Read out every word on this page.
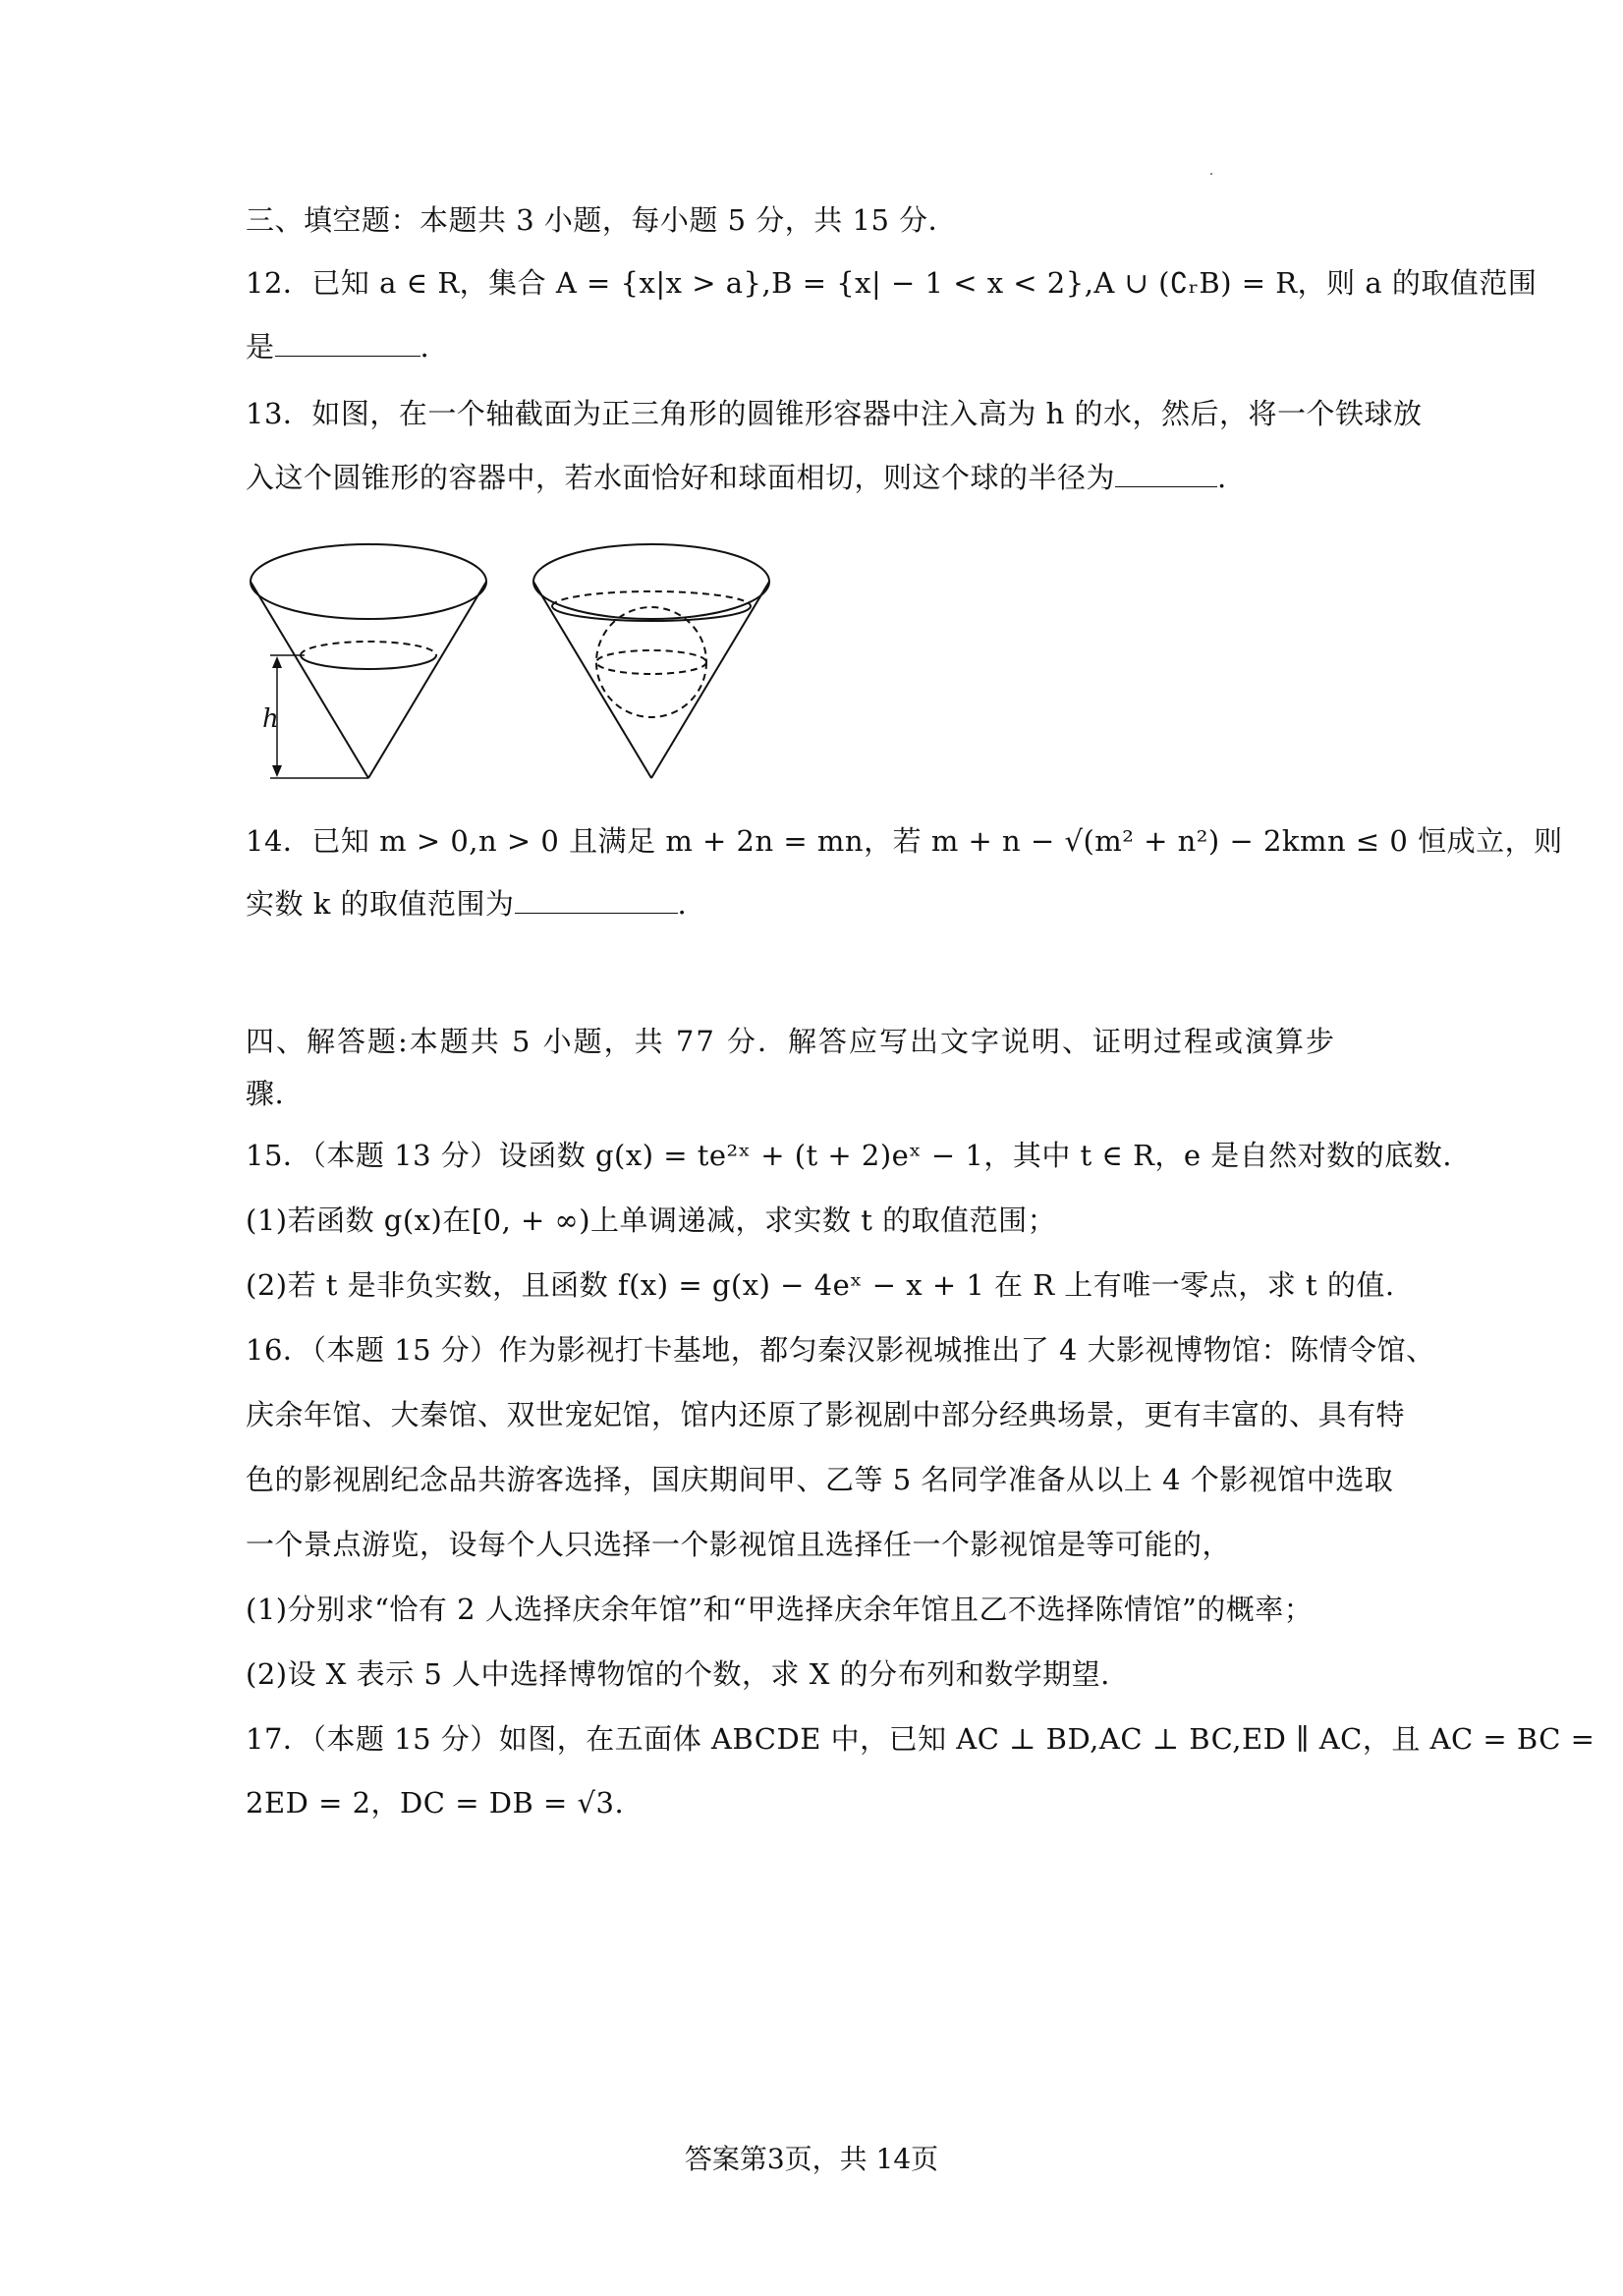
三、填空题：本题共 3 小题，每小题 5 分，共 15 分．
12．已知 a ∈ R，集合 A = {x|x > a},B = {x| − 1 < x < 2},A ∪ (∁ᵣB) = R，则 a 的取值范围
是	.
13．如图，在一个轴截面为正三角形的圆锥形容器中注入高为 h 的水，然后，将一个铁球放
入这个圆锥形的容器中，若水面恰好和球面相切，则这个球的半径为	.
h
14．已知 m > 0,n > 0 且满足 m + 2n = mn，若 m + n − √(m² + n²) − 2kmn ≤ 0 恒成立，则
实数 k 的取值范围为	.
四、解答题:本题共 5 小题，共 77 分．解答应写出文字说明、证明过程或演算步
骤.
15．（本题 13 分）设函数 g(x) = te²ˣ + (t + 2)eˣ − 1，其中 t ∈ R，e 是自然对数的底数.
(1)若函数 g(x)在[0, + ∞)上单调递减，求实数 t 的取值范围；
(2)若 t 是非负实数，且函数 f(x) = g(x) − 4eˣ − x + 1 在 R 上有唯一零点，求 t 的值.
16．（本题 15 分）作为影视打卡基地，都匀秦汉影视城推出了 4 大影视博物馆：陈情令馆、
庆余年馆、大秦馆、双世宠妃馆，馆内还原了影视剧中部分经典场景，更有丰富的、具有特
色的影视剧纪念品共游客选择，国庆期间甲、乙等 5 名同学准备从以上 4 个影视馆中选取
一个景点游览，设每个人只选择一个影视馆且选择任一个影视馆是等可能的，
(1)分别求“恰有 2 人选择庆余年馆”和“甲选择庆余年馆且乙不选择陈情馆”的概率；
(2)设 X 表示 5 人中选择博物馆的个数，求 X 的分布列和数学期望.
17．（本题 15 分）如图，在五面体 ABCDE 中，已知 AC ⊥ BD,AC ⊥ BC,ED ∥ AC，且 AC = BC =
2ED = 2，DC = DB = √3.
答案第3页，共 14页
